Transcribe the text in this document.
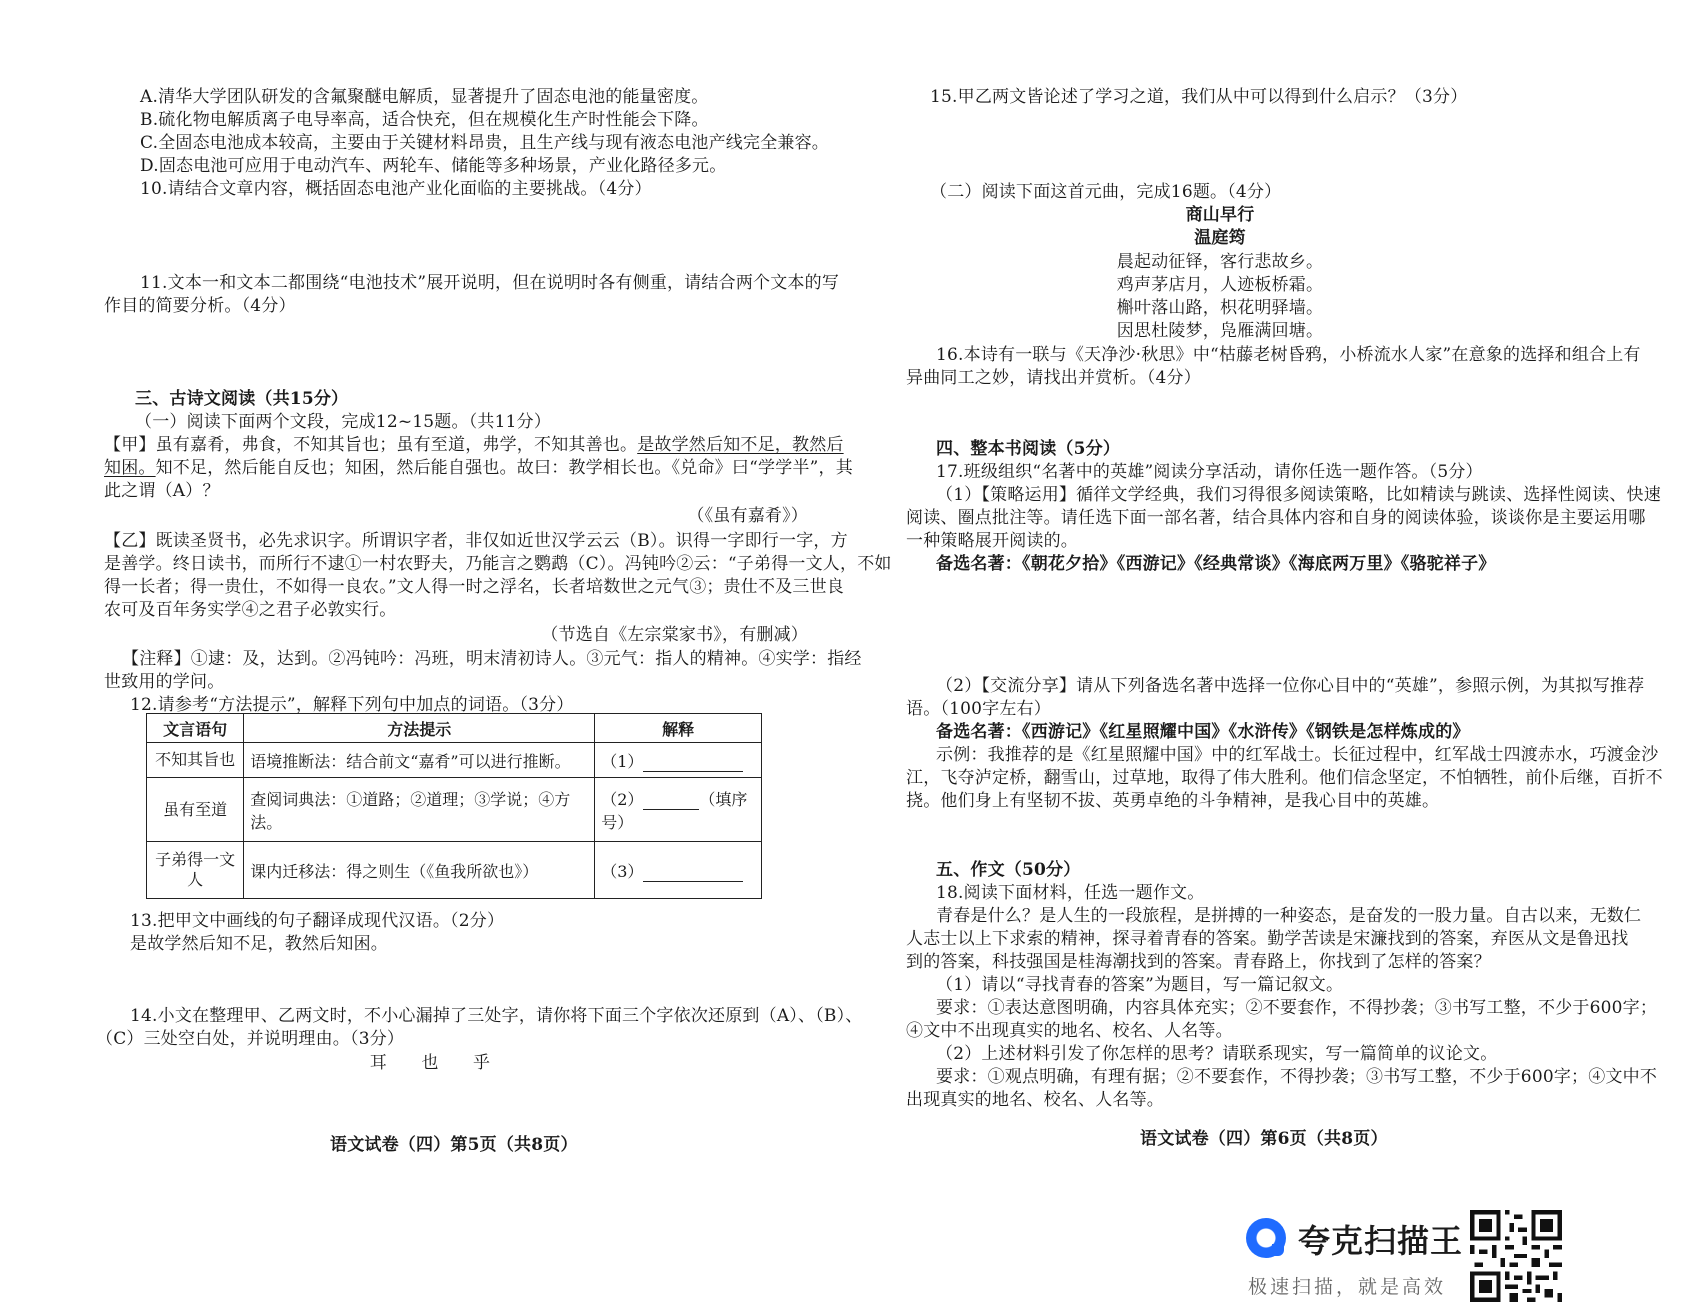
A.清华大学团队研发的含氟聚醚电解质，显著提升了固态电池的能量密度。
B.硫化物电解质离子电导率高，适合快充，但在规模化生产时性能会下降。
C.全固态电池成本较高，主要由于关键材料昂贵，且生产线与现有液态电池产线完全兼容。
D.固态电池可应用于电动汽车、两轮车、储能等多种场景，产业化路径多元。
10.请结合文章内容，概括固态电池产业化面临的主要挑战。（4分）
11.文本一和文本二都围绕“电池技术”展开说明，但在说明时各有侧重，请结合两个文本的写
作目的简要分析。（4分）
三、古诗文阅读（共15分）
（一）阅读下面两个文段，完成12~15题。（共11分）
【甲】虽有嘉肴，弗食，不知其旨也；虽有至道，弗学，不知其善也。是故学然后知不足，教然后
知困。知不足，然后能自反也；知困，然后能自强也。故曰：教学相长也。《兑命》曰“学学半”，其
此之谓（A）？
（《虽有嘉肴》）
【乙】既读圣贤书，必先求识字。所谓识字者，非仅如近世汉学云云（B）。识得一字即行一字，方
是善学。终日读书，而所行不逮①一村农野夫，乃能言之鹦鹉（C）。冯钝吟②云：“子弟得一文人，不如
得一长者；得一贵仕，不如得一良农。”文人得一时之浮名，长者培数世之元气③；贵仕不及三世良
农可及百年务实学④之君子必敦实行。
（节选自《左宗棠家书》，有删减）
【注释】①逮：及，达到。②冯钝吟：冯班，明末清初诗人。③元气：指人的精神。④实学：指经
世致用的学问。
12.请参考“方法提示”，解释下列句中加点的词语。（3分）
文言语句	方法提示	解释
不知其旨也	语境推断法：结合前文“嘉肴”可以进行推断。	（1）
虽有至道	查阅词典法：①道路；②道理；③学说；④方法。	（2） （填序号）
子弟得一文人	课内迁移法：得之则生（《鱼我所欲也》）	（3）
13.把甲文中画线的句子翻译成现代汉语。（2分）
是故学然后知不足，教然后知困。
14.小文在整理甲、乙两文时，不小心漏掉了三处字，请你将下面三个字依次还原到（A）、（B）、
（C）三处空白处，并说明理由。（3分）
耳　　也　　乎
语文试卷（四）第5页（共8页）
15.甲乙两文皆论述了学习之道，我们从中可以得到什么启示？（3分）
（二）阅读下面这首元曲，完成16题。（4分）
商山早行
温庭筠
晨起动征铎，客行悲故乡。
鸡声茅店月，人迹板桥霜。
槲叶落山路，枳花明驿墙。
因思杜陵梦，凫雁满回塘。
16.本诗有一联与《天净沙·秋思》中“枯藤老树昏鸦，小桥流水人家”在意象的选择和组合上有
异曲同工之妙，请找出并赏析。（4分）
四、整本书阅读（5分）
17.班级组织“名著中的英雄”阅读分享活动，请你任选一题作答。（5分）
（1）【策略运用】循徉文学经典，我们习得很多阅读策略，比如精读与跳读、选择性阅读、快速
阅读、圈点批注等。请任选下面一部名著，结合具体内容和自身的阅读体验，谈谈你是主要运用哪
一种策略展开阅读的。
备选名著：《朝花夕拾》《西游记》《经典常谈》《海底两万里》《骆驼祥子》
（2）【交流分享】请从下列备选名著中选择一位你心目中的“英雄”，参照示例，为其拟写推荐
语。（100字左右）
备选名著：《西游记》《红星照耀中国》《水浒传》《钢铁是怎样炼成的》
示例：我推荐的是《红星照耀中国》中的红军战士。长征过程中，红军战士四渡赤水，巧渡金沙
江，飞夺泸定桥，翻雪山，过草地，取得了伟大胜利。他们信念坚定，不怕牺牲，前仆后继，百折不
挠。他们身上有坚韧不拔、英勇卓绝的斗争精神，是我心目中的英雄。
五、作文（50分）
18.阅读下面材料，任选一题作文。
青春是什么？是人生的一段旅程，是拼搏的一种姿态，是奋发的一股力量。自古以来，无数仁
人志士以上下求索的精神，探寻着青春的答案。勤学苦读是宋濂找到的答案，弃医从文是鲁迅找
到的答案，科技强国是桂海潮找到的答案。青春路上，你找到了怎样的答案？
（1）请以“寻找青春的答案”为题目，写一篇记叙文。
要求：①表达意图明确，内容具体充实；②不要套作，不得抄袭；③书写工整，不少于600字；
④文中不出现真实的地名、校名、人名等。
（2）上述材料引发了你怎样的思考？请联系现实，写一篇简单的议论文。
要求：①观点明确，有理有据；②不要套作，不得抄袭；③书写工整，不少于600字；④文中不
出现真实的地名、校名、人名等。
语文试卷（四）第6页（共8页）
夸克扫描王
极速扫描，就是高效
